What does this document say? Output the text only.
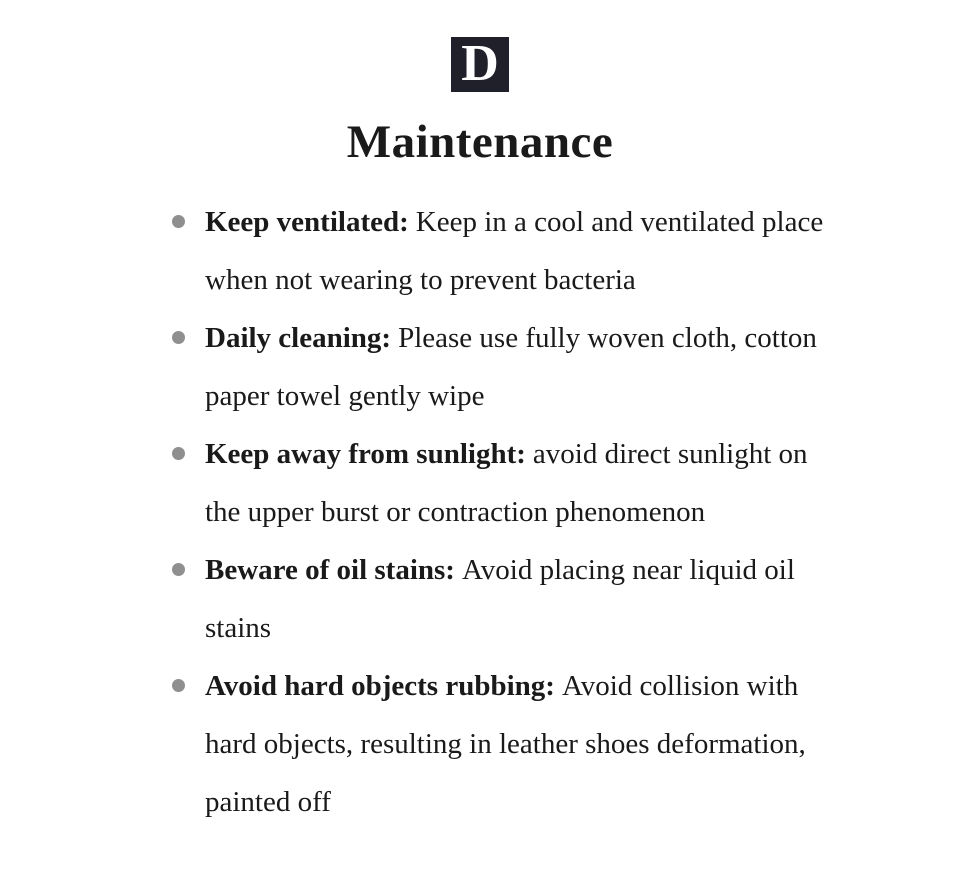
D
Maintenance

Keep ventilated: Keep in a cool and ventilated place when not wearing to prevent bacteria

Daily cleaning: Please use fully woven cloth, cotton paper towel gently wipe

Keep away from sunlight: avoid direct sunlight on the upper burst or contraction phenomenon

Beware of oil stains: Avoid placing near liquid oil stains

Avoid hard objects rubbing: Avoid collision with hard objects, resulting in leather shoes deformation, painted off
